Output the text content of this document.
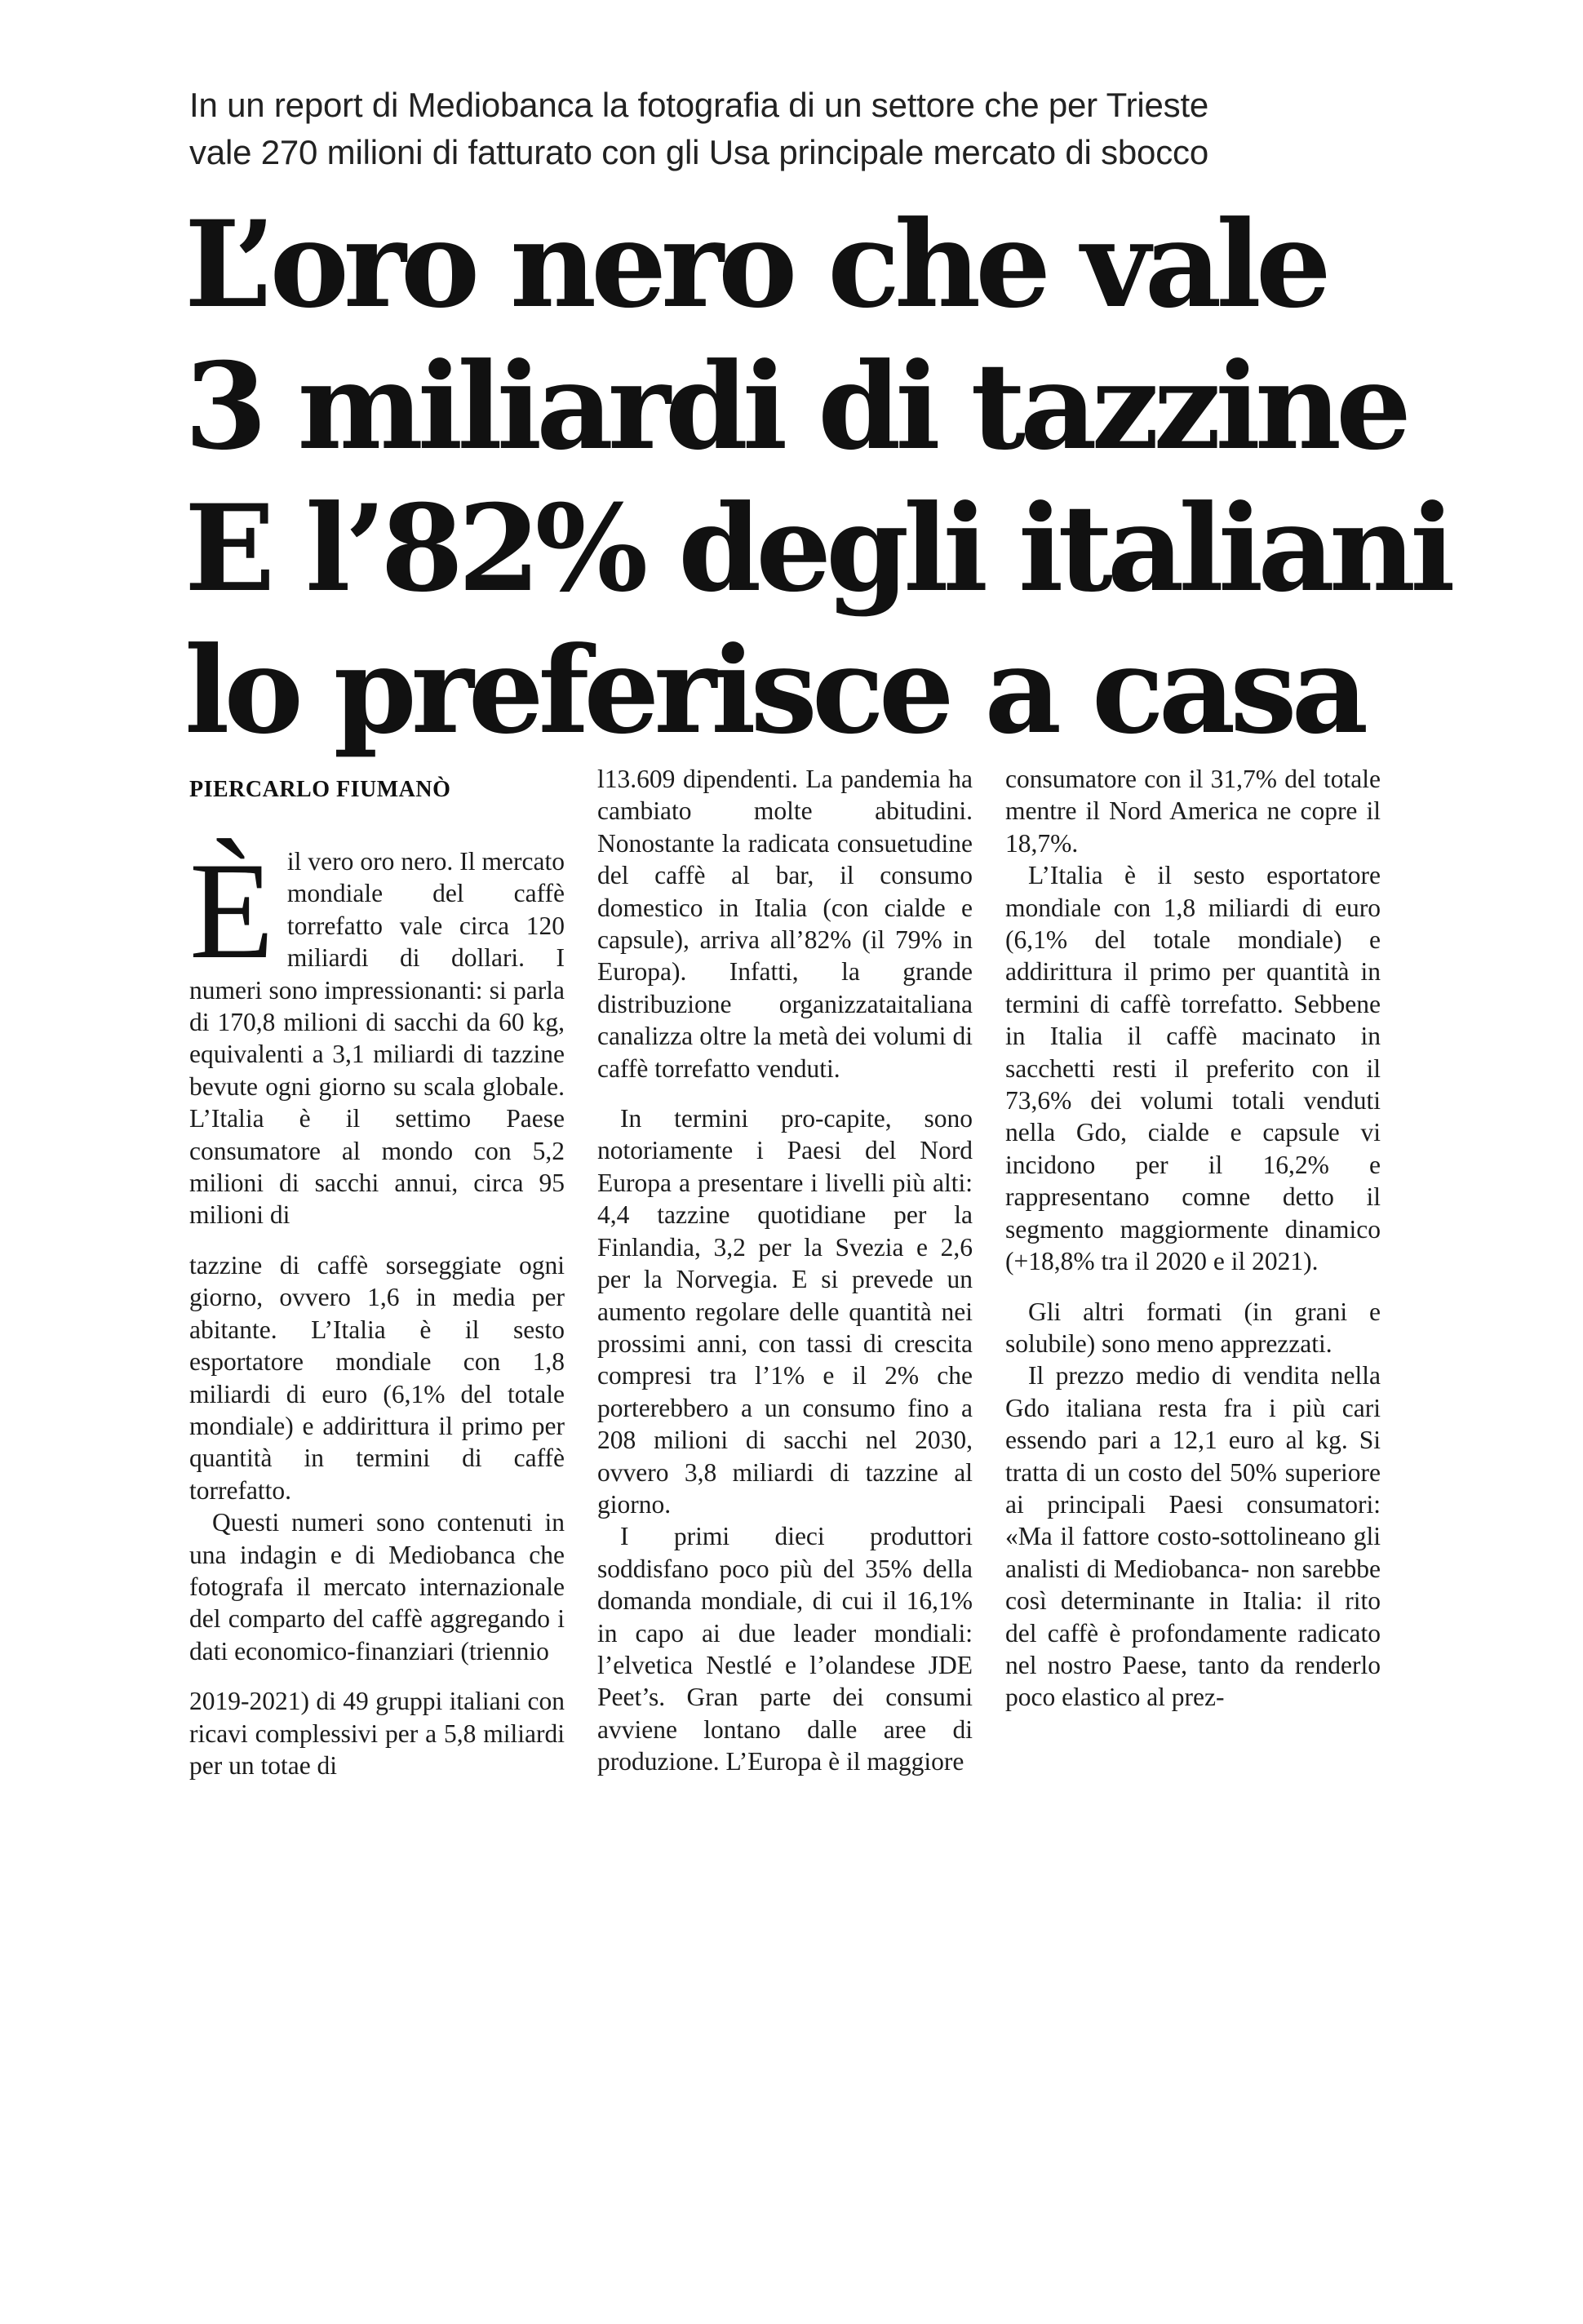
In un report di Mediobanca la fotografia di un settore che per Trieste
vale 270 milioni di fatturato con gli Usa principale mercato di sbocco
L’oro nero che vale
3 miliardi di tazzine
E l’82% degli italiani
lo preferisce a casa
PIERCARLO FIUMANÒ
È il vero oro nero. Il mercato mondiale del caffè torrefatto vale circa 120 miliardi di dollari. I numeri sono impressionanti: si parla di 170,8 milioni di sacchi da 60 kg, equivalenti a 3,1 miliardi di tazzine bevute ogni giorno su scala globale. L’Italia è il settimo Paese consumatore al mondo con 5,2 milioni di sacchi annui, circa 95 milioni di

tazzine di caffè sorseggiate ogni giorno, ovvero 1,6 in media per abitante. L’Italia è il sesto esportatore mondiale con 1,8 miliardi di euro (6,1% del totale mondiale) e addirittura il primo per quantità in termini di caffè torrefatto.

Questi numeri sono contenuti in una indagin e di Mediobanca che fotografa il mercato internazionale del comparto del caffè aggregando i dati economico-finanziari (triennio

2019-2021) di 49 gruppi italiani con ricavi complessivi per a 5,8 miliardi per un totae di

l13.609 dipendenti. La pandemia ha cambiato molte abitudini. Nonostante la radicata consuetudine del caffè al bar, il consumo domestico in Italia (con cialde e capsule), arriva all’82% (il 79% in Europa). Infatti, la grande distribuzione organizzataitaliana canalizza oltre la metà dei volumi di caffè torrefatto venduti.

In termini pro-capite, sono notoriamente i Paesi del Nord Europa a presentare i livelli più alti: 4,4 tazzine quotidiane per la Finlandia, 3,2 per la Svezia e 2,6 per la Norvegia. E si prevede un aumento regolare delle quantità nei prossimi anni, con tassi di crescita compresi tra l’1% e il 2% che porterebbero a un consumo fino a 208 milioni di sacchi nel 2030, ovvero 3,8 miliardi di tazzine al giorno.

I primi dieci produttori soddisfano poco più del 35% della domanda mondiale, di cui il 16,1% in capo ai due leader mondiali: l’elvetica Nestlé e l’olandese JDE Peet’s. Gran parte dei consumi avviene lontano dalle aree di produzione. L’Europa è il maggiore

consumatore con il 31,7% del totale mentre il Nord America ne copre il 18,7%.

L’Italia è il sesto esportatore mondiale con 1,8 miliardi di euro (6,1% del totale mondiale) e addirittura il primo per quantità in termini di caffè torrefatto. Sebbene in Italia il caffè macinato in sacchetti resti il preferito con il 73,6% dei volumi totali venduti nella Gdo, cialde e capsule vi incidono per il 16,2% e rappresentano comne detto il segmento maggiormente dinamico (+18,8% tra il 2020 e il 2021).

Gli altri formati (in grani e solubile) sono meno apprezzati.

Il prezzo medio di vendita nella Gdo italiana resta fra i più cari essendo pari a 12,1 euro al kg. Si tratta di un costo del 50% superiore ai principali Paesi consumatori: «Ma il fattore costo-sottolineano gli analisti di Mediobanca- non sarebbe così determinante in Italia: il rito del caffè è profondamente radicato nel nostro Paese, tanto da renderlo poco elastico al prez-
